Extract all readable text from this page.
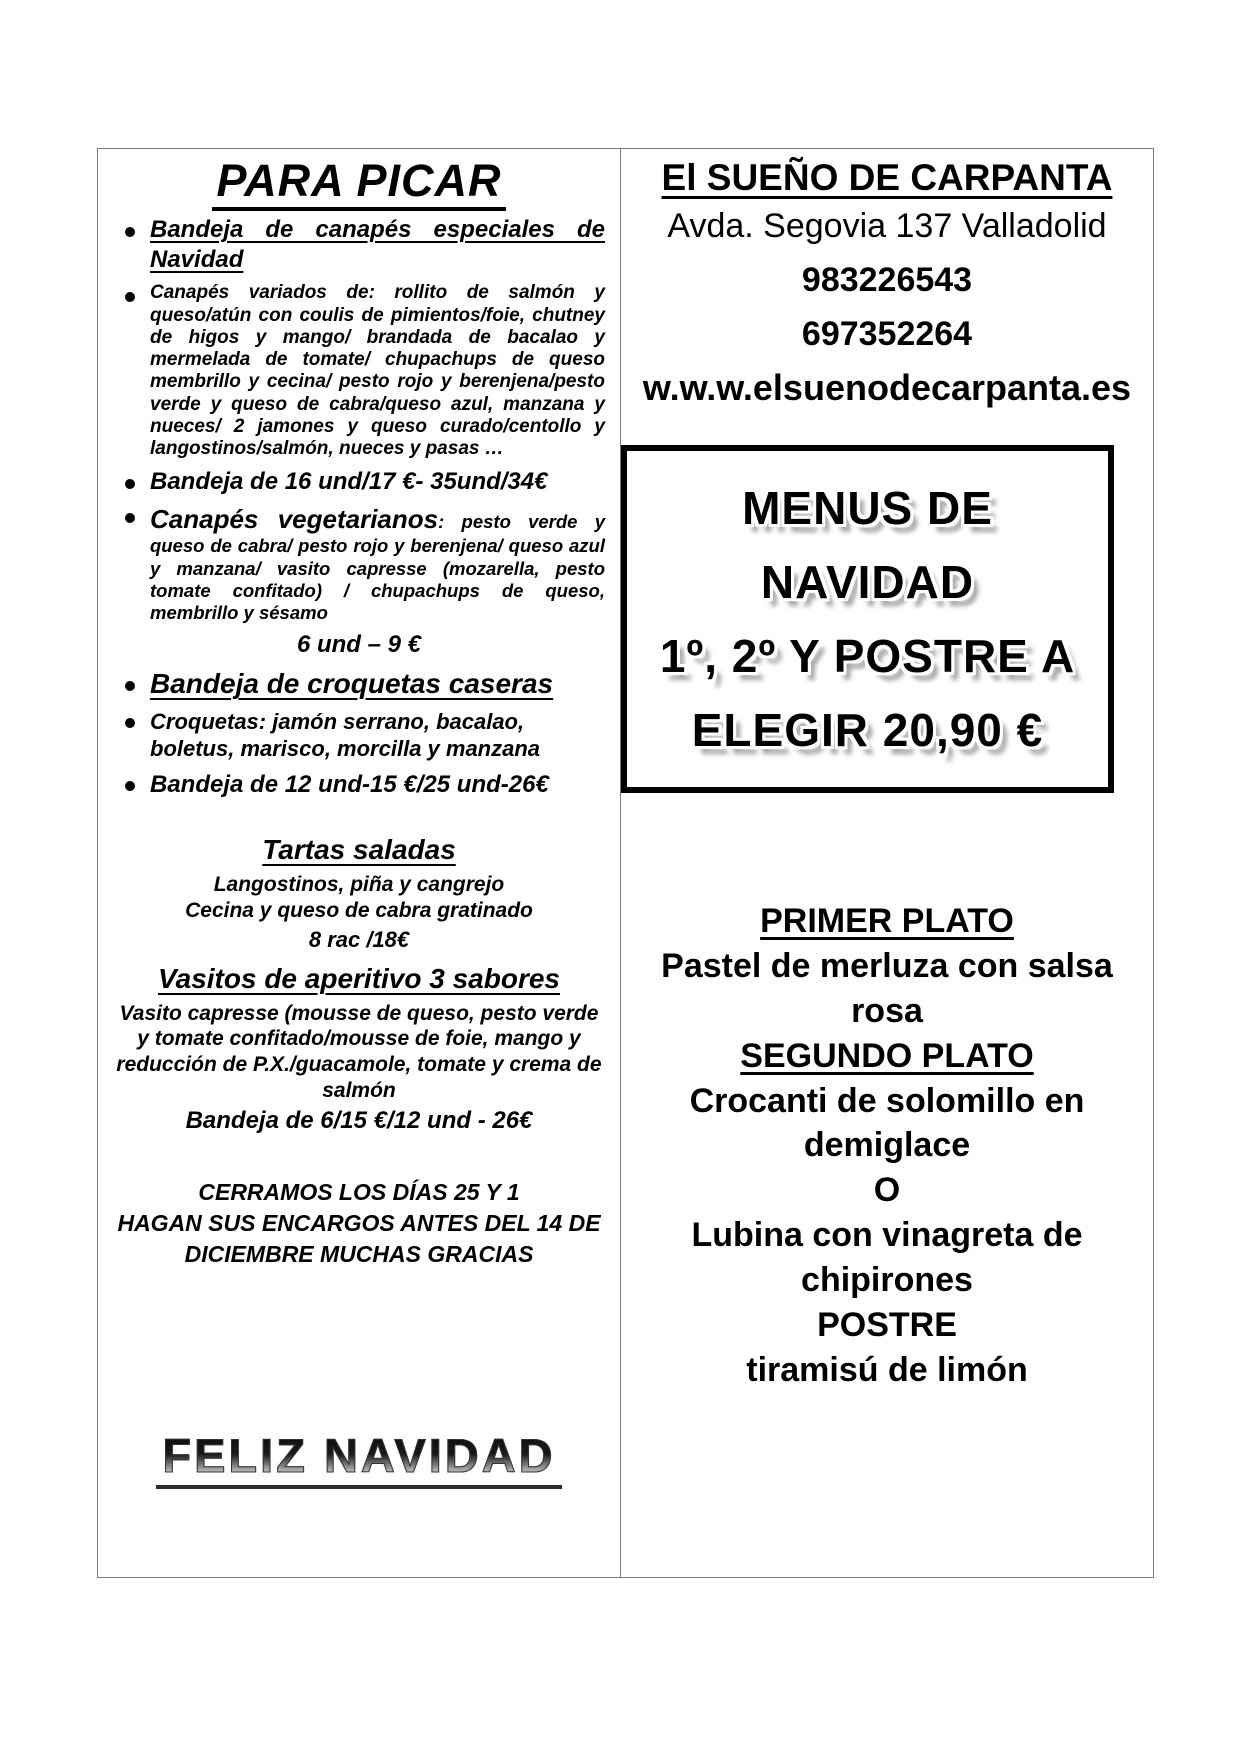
PARA PICAR
Bandeja de canapés especiales de Navidad
Canapés variados de: rollito de salmón y queso/atún con coulis de pimientos/foie, chutney de higos y mango/ brandada de bacalao y mermelada de tomate/ chupachups de queso membrillo y cecina/ pesto rojo y berenjena/pesto verde y queso de cabra/queso azul, manzana y nueces/ 2 jamones y queso curado/centollo y langostinos/salmón, nueces y pasas …
Bandeja de 16 und/17 €- 35und/34€
Canapés vegetarianos: pesto verde y queso de cabra/ pesto rojo y berenjena/ queso azul y manzana/ vasito capresse (mozarella, pesto tomate confitado) / chupachups de queso, membrillo y sésamo
6 und – 9 €
Bandeja de croquetas caseras
Croquetas: jamón serrano, bacalao, boletus, marisco, morcilla y manzana
Bandeja de 12 und-15 €/25 und-26€
Tartas saladas
Langostinos, piña y cangrejo
Cecina y queso de cabra gratinado
8 rac /18€
Vasitos de aperitivo 3 sabores
Vasito capresse (mousse de queso, pesto verde y tomate confitado/mousse de foie, mango y reducción de P.X./guacamole, tomate y crema de salmón
Bandeja de 6/15 €/12 und - 26€
CERRAMOS LOS DÍAS 25 Y 1
HAGAN SUS ENCARGOS ANTES DEL 14 DE DICIEMBRE MUCHAS GRACIAS
FELIZ NAVIDAD
El SUEÑO DE CARPANTA
Avda. Segovia 137 Valladolid
983226543
697352264
w.w.w.elsuenodecarpanta.es
MENUS DE
NAVIDAD
1º, 2º Y POSTRE A
ELEGIR 20,90 €
PRIMER PLATO
Pastel de merluza con salsa rosa
SEGUNDO PLATO
Crocanti de solomillo en demiglace
O
Lubina con vinagreta de chipirones
POSTRE
tiramisú de limón
